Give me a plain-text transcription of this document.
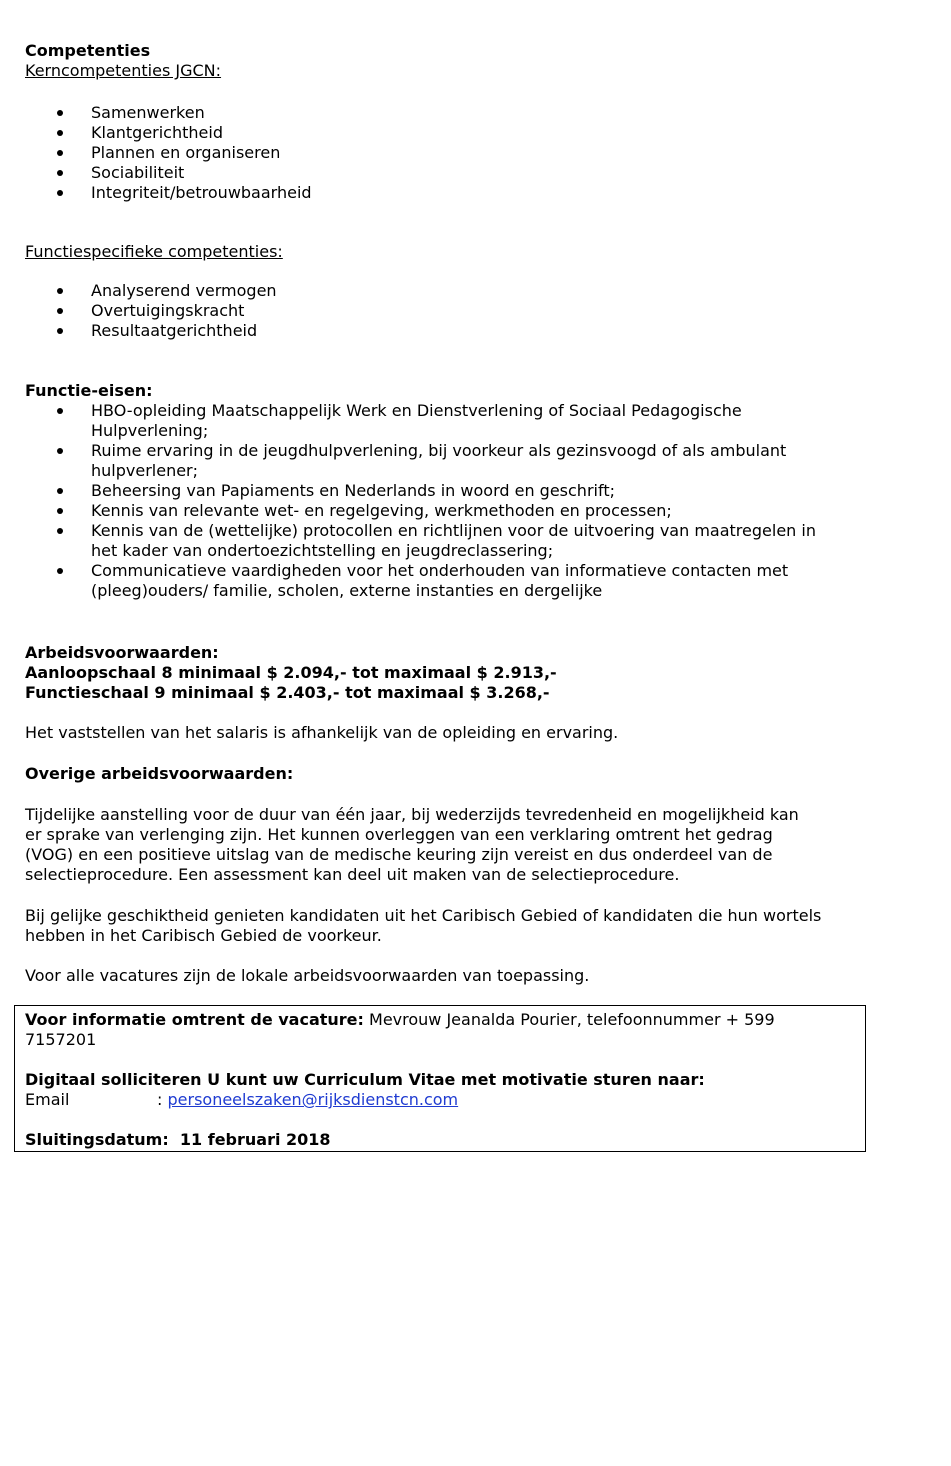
Competenties
Kerncompetenties JGCN:
Samenwerken
Klantgerichtheid
Plannen en organiseren
Sociabiliteit
Integriteit/betrouwbaarheid
Functiespecifieke competenties:
Analyserend vermogen
Overtuigingskracht
Resultaatgerichtheid
Functie-eisen:
HBO-opleiding Maatschappelijk Werk en Dienstverlening of Sociaal Pedagogische
Hulpverlening;
Ruime ervaring in de jeugdhulpverlening, bij voorkeur als gezinsvoogd of als ambulant
hulpverlener;
Beheersing van Papiaments en Nederlands in woord en geschrift;
Kennis van relevante wet- en regelgeving, werkmethoden en processen;
Kennis van de (wettelijke) protocollen en richtlijnen voor de uitvoering van maatregelen in
het kader van ondertoezichtstelling en jeugdreclassering;
Communicatieve vaardigheden voor het onderhouden van informatieve contacten met
(pleeg)ouders/ familie, scholen, externe instanties en dergelijke
Arbeidsvoorwaarden:
Aanloopschaal 8 minimaal $ 2.094,- tot maximaal $ 2.913,-
Functieschaal 9 minimaal $ 2.403,- tot maximaal $ 3.268,-
Het vaststellen van het salaris is afhankelijk van de opleiding en ervaring.
Overige arbeidsvoorwaarden:
Tijdelijke aanstelling voor de duur van één jaar, bij wederzijds tevredenheid en mogelijkheid kan
er sprake van verlenging zijn. Het kunnen overleggen van een verklaring omtrent het gedrag
(VOG) en een positieve uitslag van de medische keuring zijn vereist en dus onderdeel van de
selectieprocedure. Een assessment kan deel uit maken van de selectieprocedure.
Bij gelijke geschiktheid genieten kandidaten uit het Caribisch Gebied of kandidaten die hun wortels
hebben in het Caribisch Gebied de voorkeur.
Voor alle vacatures zijn de lokale arbeidsvoorwaarden van toepassing.
Voor informatie omtrent de vacature: Mevrouw Jeanalda Pourier, telefoonnummer + 599
7157201
Digitaal solliciteren U kunt uw Curriculum Vitae met motivatie sturen naar:
Email	: personeelszaken@rijksdienstcn.com
Sluitingsdatum: 11 februari 2018
